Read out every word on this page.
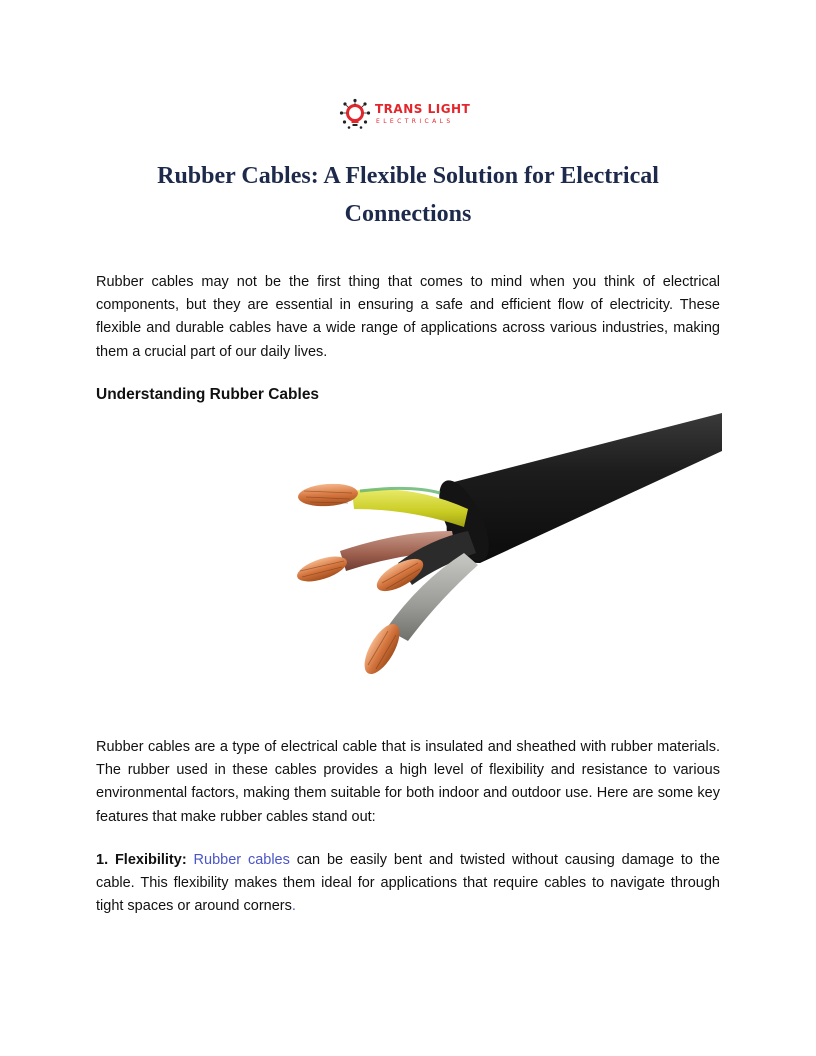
TRANS LIGHT
ELECTRICALS
Rubber Cables: A Flexible Solution for Electrical Connections

Rubber cables may not be the first thing that comes to mind when you think of electrical components, but they are essential in ensuring a safe and efficient flow of electricity. These flexible and durable cables have a wide range of applications across various industries, making them a crucial part of our daily lives.

Understanding Rubber Cables

Rubber cables are a type of electrical cable that is insulated and sheathed with rubber materials. The rubber used in these cables provides a high level of flexibility and resistance to various environmental factors, making them suitable for both indoor and outdoor use. Here are some key features that make rubber cables stand out:

1. Flexibility: Rubber cables can be easily bent and twisted without causing damage to the cable. This flexibility makes them ideal for applications that require cables to navigate through tight spaces or around corners.
